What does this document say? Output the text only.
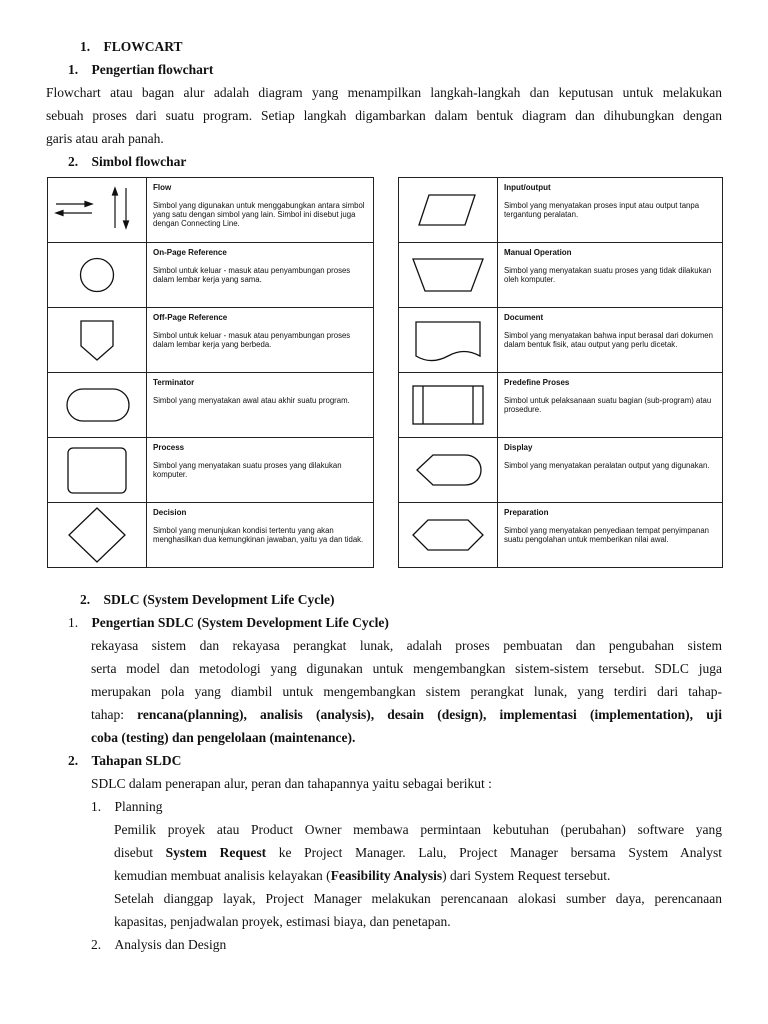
1. FLOWCART
1. Pengertian flowchart
Flowchart atau bagan alur adalah diagram yang menampilkan langkah-langkah dan keputusan untuk melakukan
sebuah proses dari suatu program. Setiap langkah digambarkan dalam bentuk diagram dan dihubungkan dengan
garis atau arah panah.
2. Simbol flowchar

Flow
Simbol yang digunakan untuk menggabungkan antara simbol yang satu dengan simbol yang lain. Simbol ini disebut juga dengan Connecting Line.

On-Page Reference
Simbol untuk keluar - masuk atau penyambungan proses dalam lembar kerja yang sama.

Off-Page Reference
Simbol untuk keluar - masuk atau penyambungan proses dalam lembar kerja yang berbeda.

Terminator
Simbol yang menyatakan awal atau akhir suatu program.

Process
Simbol yang menyatakan suatu proses yang dilakukan komputer.

Decision
Simbol yang menunjukan kondisi tertentu yang akan menghasilkan dua kemungkinan jawaban, yaitu ya dan tidak.

Input/output
Simbol yang menyatakan proses input atau output tanpa tergantung peralatan.

Manual Operation
Simbol yang menyatakan suatu proses yang tidak dilakukan oleh komputer.

Document
Simbol yang menyatakan bahwa input berasal dari dokumen dalam bentuk fisik, atau output yang perlu dicetak.

Predefine Proses
Simbol untuk pelaksanaan suatu bagian (sub-program) atau prosedure.

Display
Simbol yang menyatakan peralatan output yang digunakan.

Preparation
Simbol yang menyatakan penyediaan tempat penyimpanan suatu pengolahan untuk memberikan nilai awal.
2. SDLC (System Development Life Cycle)
1. Pengertian SDLC (System Development Life Cycle)
rekayasa sistem dan rekayasa perangkat lunak, adalah proses pembuatan dan pengubahan sistem
serta model dan metodologi yang digunakan untuk mengembangkan sistem-sistem tersebut. SDLC juga
merupakan pola yang diambil untuk mengembangkan sistem perangkat lunak, yang terdiri dari tahap-
tahap: rencana(planning), analisis (analysis), desain (design), implementasi (implementation), uji
coba (testing) dan pengelolaan (maintenance).
2. Tahapan SLDC
SDLC dalam penerapan alur, peran dan tahapannya yaitu sebagai berikut :
1. Planning
Pemilik proyek atau Product Owner membawa permintaan kebutuhan (perubahan) software yang
disebut System Request ke Project Manager. Lalu, Project Manager bersama System Analyst
kemudian membuat analisis kelayakan (Feasibility Analysis) dari System Request tersebut.
Setelah dianggap layak, Project Manager melakukan perencanaan alokasi sumber daya, perencanaan
kapasitas, penjadwalan proyek, estimasi biaya, dan penetapan.
2. Analysis dan Design
